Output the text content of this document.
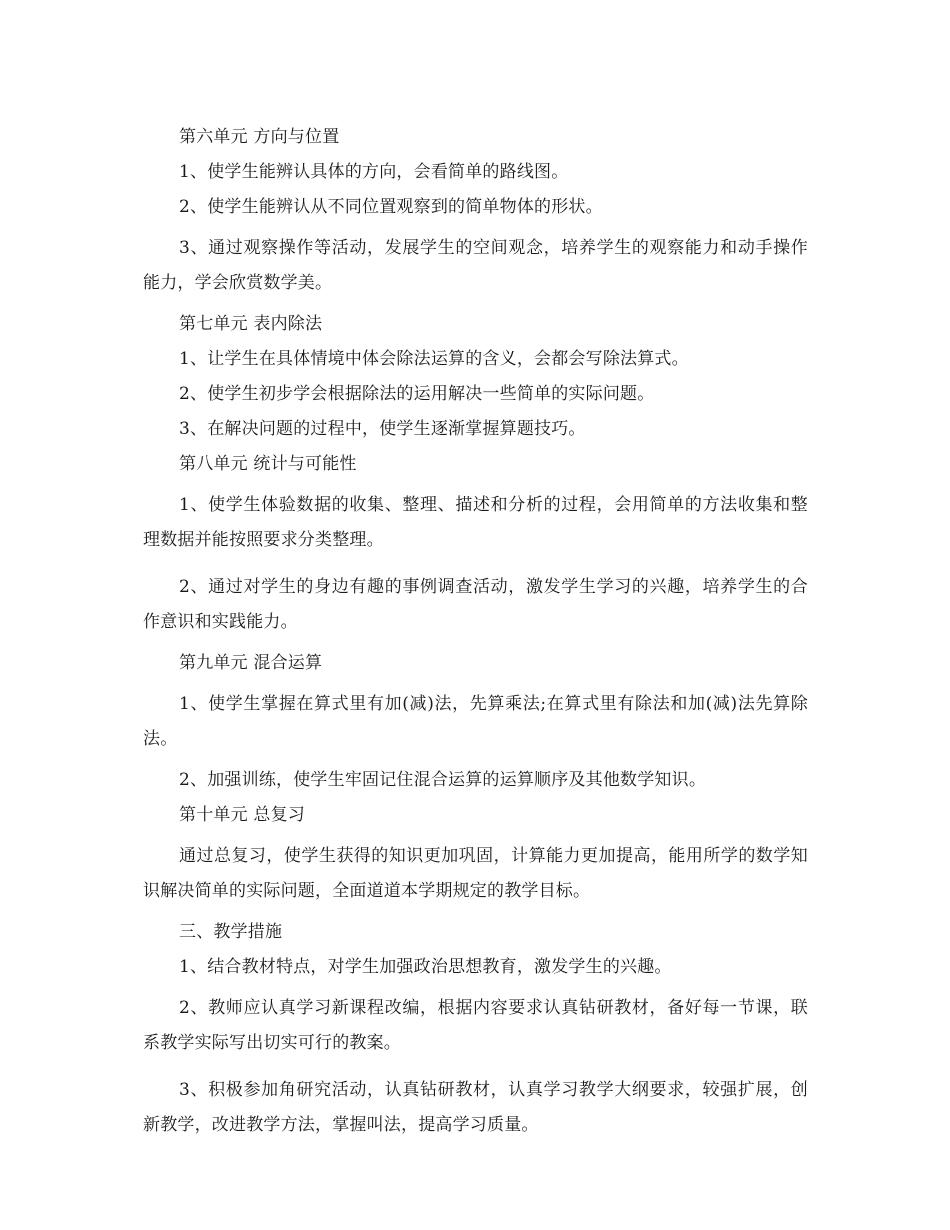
第六单元 方向与位置

1、使学生能辨认具体的方向，会看简单的路线图。

2、使学生能辨认从不同位置观察到的简单物体的形状。

3、通过观察操作等活动，发展学生的空间观念，培养学生的观察能力和动手操作能力，学会欣赏数学美。

第七单元 表内除法

1、让学生在具体情境中体会除法运算的含义，会都会写除法算式。

2、使学生初步学会根据除法的运用解决一些简单的实际问题。

3、在解决问题的过程中，使学生逐渐掌握算题技巧。

第八单元 统计与可能性

1、使学生体验数据的收集、整理、描述和分析的过程，会用简单的方法收集和整理数据并能按照要求分类整理。

2、通过对学生的身边有趣的事例调查活动，激发学生学习的兴趣，培养学生的合作意识和实践能力。

第九单元 混合运算

1、使学生掌握在算式里有加(减)法，先算乘法;在算式里有除法和加(减)法先算除法。

2、加强训练，使学生牢固记住混合运算的运算顺序及其他数学知识。

第十单元 总复习

通过总复习，使学生获得的知识更加巩固，计算能力更加提高，能用所学的数学知识解决简单的实际问题，全面道道本学期规定的教学目标。

三、教学措施

1、结合教材特点，对学生加强政治思想教育，激发学生的兴趣。

2、教师应认真学习新课程改编，根据内容要求认真钻研教材，备好每一节课，联系教学实际写出切实可行的教案。

3、积极参加角研究活动，认真钻研教材，认真学习教学大纲要求，较强扩展，创新教学，改进教学方法，掌握叫法，提高学习质量。
